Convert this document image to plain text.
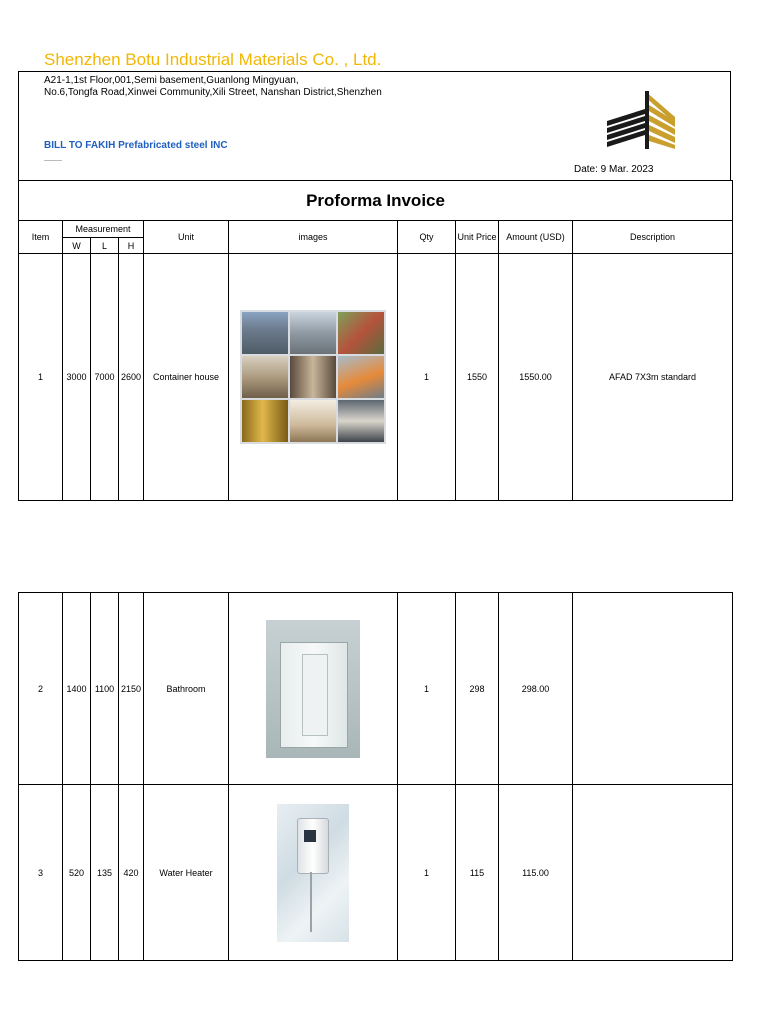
Shenzhen Botu Industrial Materials Co. , Ltd.
A21-1,1st Floor,001,Semi basement,Guanlong Mingyuan,
No.6,Tongfa Road,Xinwei Community,Xili Street, Nanshan District,Shenzhen
BILL TO FAKIH Prefabricated steel INC
Date: 9 Mar. 2023
Proforma Invoice									
Item	Measurement			Unit	images	Qty	Unit Price	Amount (USD)	Description
	W	L	H						
1	3000	7000	2600	Container house		1	1550	1550.00	AFAD 7X3m standard
2	1400	1100	2150	Bathroom		1	298	298.00	
3	520	135	420	Water Heater		1	115	115.00	
